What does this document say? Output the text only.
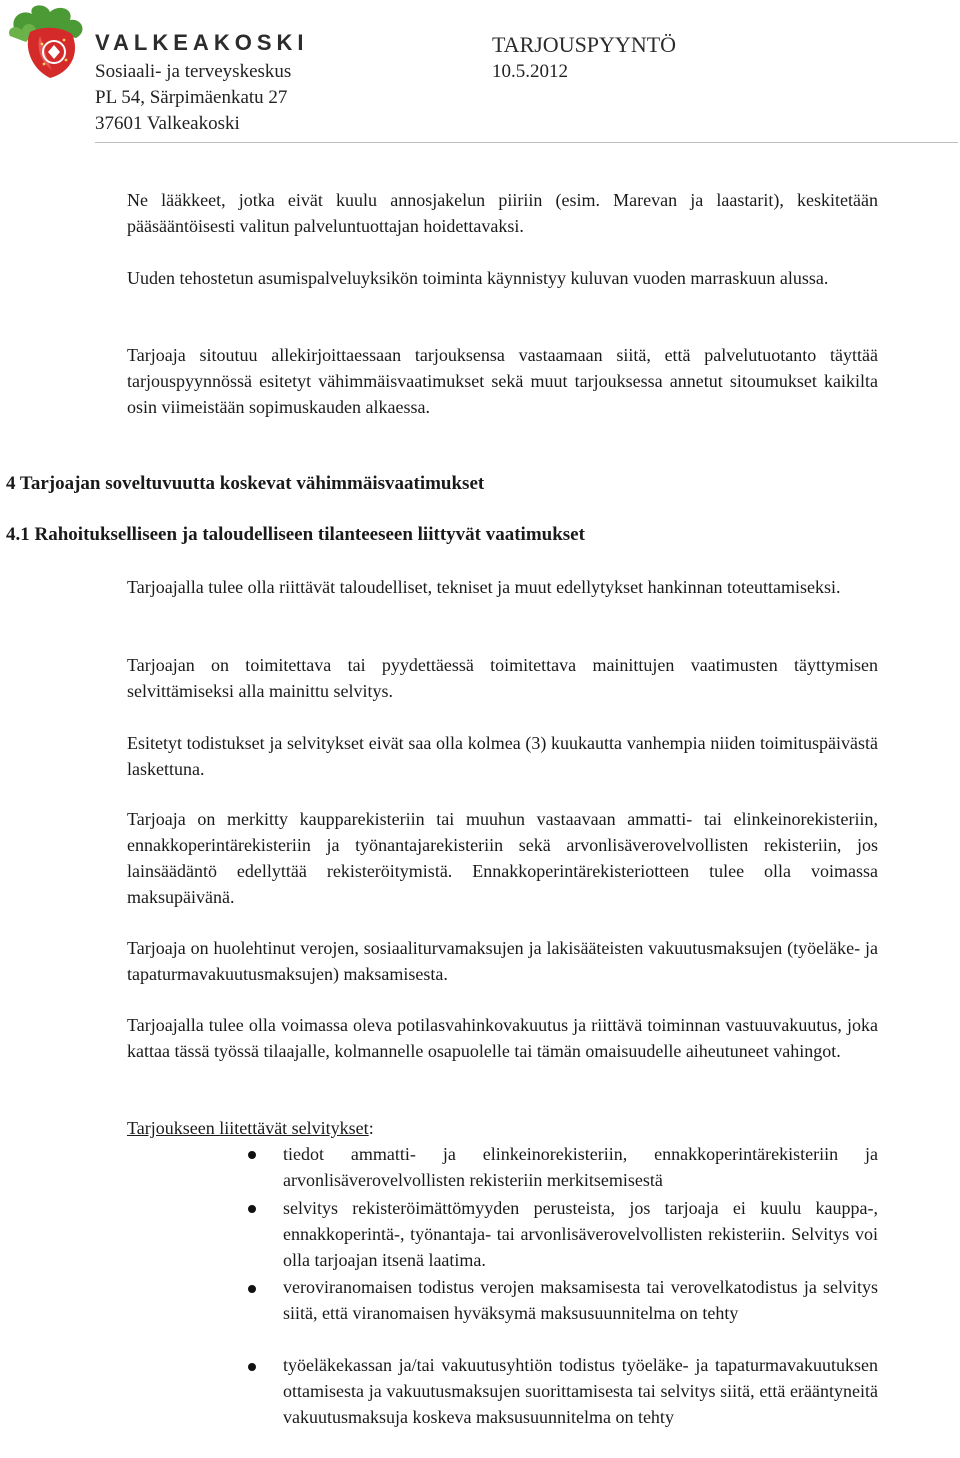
VALKEAKOSKI	TARJOUSPYYNTÖ
Sosiaali- ja terveyskeskus	10.5.2012
PL 54, Särpimäenkatu 27
37601 Valkeakoski

Ne lääkkeet, jotka eivät kuulu annosjakelun piiriin (esim. Marevan ja laastarit), keskitetään pääsääntöisesti valitun palveluntuottajan hoidettavaksi.

Uuden tehostetun asumispalveluyksikön toiminta käynnistyy kuluvan vuoden marraskuun alussa.

Tarjoaja sitoutuu allekirjoittaessaan tarjouksensa vastaamaan siitä, että palvelutuotanto täyttää tarjouspyynnössä esitetyt vähimmäisvaatimukset sekä muut tarjouksessa annetut sitoumukset kaikilta osin viimeistään sopimuskauden alkaessa.

4 Tarjoajan soveltuvuutta koskevat vähimmäisvaatimukset
4.1 Rahoitukselliseen ja taloudelliseen tilanteeseen liittyvät vaatimukset

Tarjoajalla tulee olla riittävät taloudelliset, tekniset ja muut edellytykset hankinnan toteuttamiseksi.

Tarjoajan on toimitettava tai pyydettäessä toimitettava mainittujen vaatimusten täyttymisen selvittämiseksi alla mainittu selvitys.

Esitetyt todistukset ja selvitykset eivät saa olla kolmea (3) kuukautta vanhempia niiden toimituspäivästä laskettuna.

Tarjoaja on merkitty kaupparekisteriin tai muuhun vastaavaan ammatti- tai elinkeinorekisteriin, ennakkoperintärekisteriin ja työnantajarekisteriin sekä arvonlisäverovelvollisten rekisteriin, jos lainsäädäntö edellyttää rekisteröitymistä. Ennakkoperintärekisteriotteen tulee olla voimassa maksupäivänä.

Tarjoaja on huolehtinut verojen, sosiaaliturvamaksujen ja lakisääteisten vakuutusmaksujen (työeläke- ja tapaturmavakuutusmaksujen) maksamisesta.

Tarjoajalla tulee olla voimassa oleva potilasvahinkovakuutus ja riittävä toiminnan vastuuvakuutus, joka kattaa tässä työssä tilaajalle, kolmannelle osapuolelle tai tämän omaisuudelle aiheutuneet vahingot.

Tarjoukseen liitettävät selvitykset:

tiedot ammatti- ja elinkeinorekisteriin, ennakkoperintärekisteriin ja arvonlisäverovelvollisten rekisteriin merkitsemisestä

selvitys rekisteröimättömyyden perusteista, jos tarjoaja ei kuulu kauppa-, ennakkoperintä-, työnantaja- tai arvonlisäverovelvollisten rekisteriin. Selvitys voi olla tarjoajan itsenä laatima.

veroviranomaisen todistus verojen maksamisesta tai verovelkatodistus ja selvitys siitä, että viranomaisen hyväksymä maksusuunnitelma on tehty

työeläkekassan ja/tai vakuutusyhtiön todistus työeläke- ja tapaturmavakuutuksen ottamisesta ja vakuutusmaksujen suorittamisesta tai selvitys siitä, että erääntyneitä vakuutusmaksuja koskeva maksusuunnitelma on tehty
